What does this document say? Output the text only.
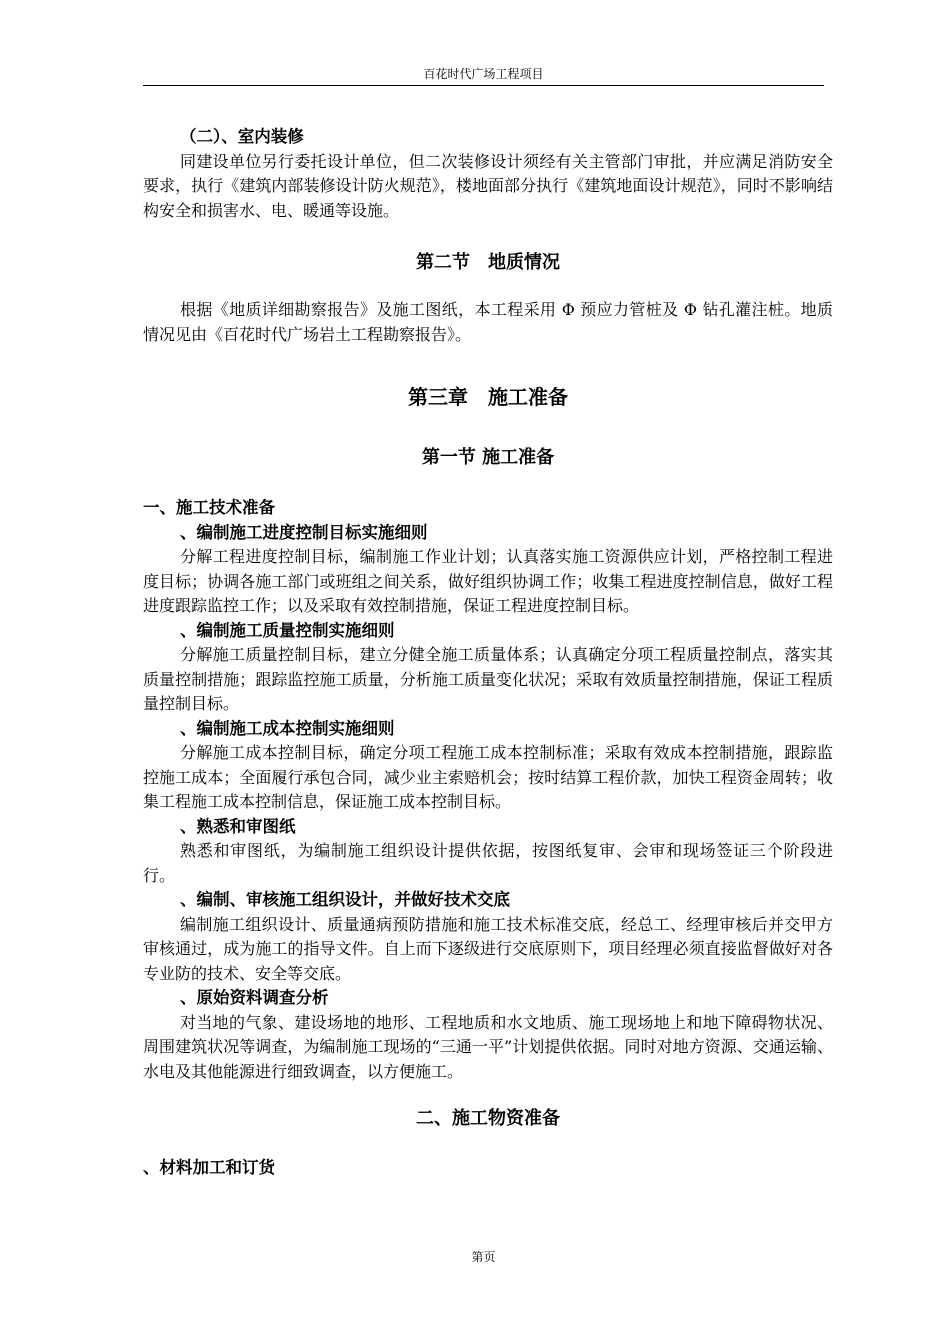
百花时代广场工程项目
（二）、室内装修

同建设单位另行委托设计单位，但二次装修设计须经有关主管部门审批，并应满足消防安全要求，执行《建筑内部装修设计防火规范》，楼地面部分执行《建筑地面设计规范》，同时不影响结构安全和损害水、电、暖通等设施。

第二节　地质情况

根据《地质详细勘察报告》及施工图纸，本工程采用 Φ 预应力管桩及 Φ 钻孔灌注桩。地质情况见由《百花时代广场岩土工程勘察报告》。

第三章　施工准备
第一节 施工准备
一、施工技术准备
、编制施工进度控制目标实施细则

分解工程进度控制目标，编制施工作业计划；认真落实施工资源供应计划，严格控制工程进度目标；协调各施工部门或班组之间关系，做好组织协调工作；收集工程进度控制信息，做好工程进度跟踪监控工作；以及采取有效控制措施，保证工程进度控制目标。

、编制施工质量控制实施细则

分解施工质量控制目标，建立分健全施工质量体系；认真确定分项工程质量控制点，落实其质量控制措施；跟踪监控施工质量，分析施工质量变化状况；采取有效质量控制措施，保证工程质量控制目标。

、编制施工成本控制实施细则

分解施工成本控制目标，确定分项工程施工成本控制标准；采取有效成本控制措施，跟踪监控施工成本；全面履行承包合同，减少业主索赔机会；按时结算工程价款，加快工程资金周转；收集工程施工成本控制信息，保证施工成本控制目标。

、熟悉和审图纸

熟悉和审图纸，为编制施工组织设计提供依据，按图纸复审、会审和现场签证三个阶段进行。

、编制、审核施工组织设计，并做好技术交底

编制施工组织设计、质量通病预防措施和施工技术标准交底，经总工、经理审核后并交甲方审核通过，成为施工的指导文件。自上而下逐级进行交底原则下，项目经理必须直接监督做好对各专业防的技术、安全等交底。

、原始资料调查分析

对当地的气象、建设场地的地形、工程地质和水文地质、施工现场地上和地下障碍物状况、周围建筑状况等调查，为编制施工现场的“三通一平”计划提供依据。同时对地方资源、交通运输、水电及其他能源进行细致调查，以方便施工。

二、施工物资准备
、材料加工和订货
第页
